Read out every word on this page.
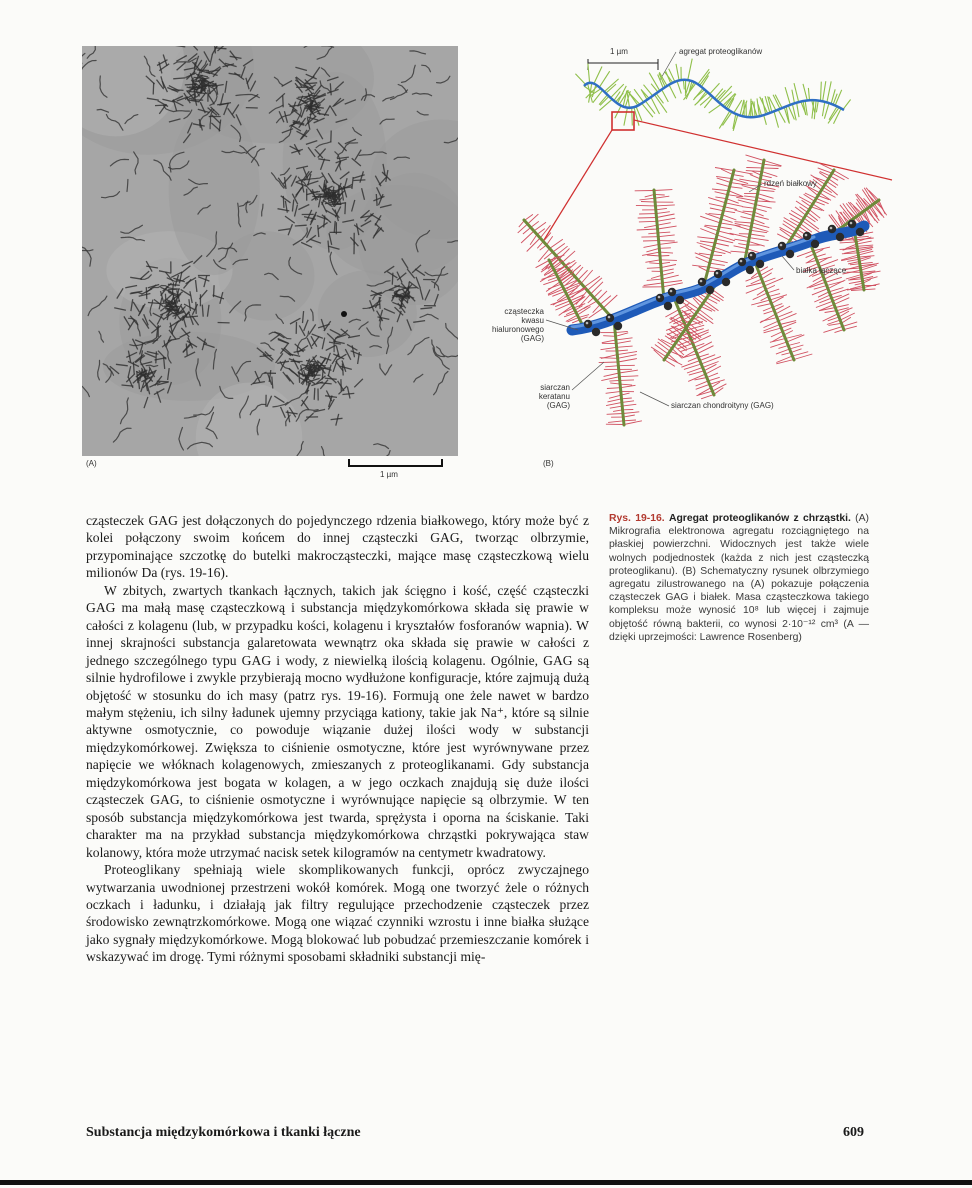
(A)
1 µm
(B)
1 µm	agregat proteoglikanów
rdzeń białkowy
białka łączące
cząsteczka
kwasu
hialuronowego
(GAG)
siarczan
keratanu
(GAG)	siarczan chondroityny (GAG)

cząsteczek GAG jest dołączonych do pojedynczego rdzenia białkowego, który może być z kolei połączony swoim końcem do innej cząsteczki GAG, tworząc olbrzymie, przypominające szczotkę do butelki makrocząsteczki, mające masę cząsteczkową wielu milionów Da (rys. 19-16).

W zbitych, zwartych tkankach łącznych, takich jak ścięgno i kość, część cząsteczki GAG ma małą masę cząsteczkową i substancja międzykomórkowa składa się prawie w całości z kolagenu (lub, w przypadku kości, kolagenu i kryształów fosforanów wapnia). W innej skrajności substancja galaretowata wewnątrz oka składa się prawie w całości z jednego szczególnego typu GAG i wody, z niewielką ilością kolagenu. Ogólnie, GAG są silnie hydrofilowe i zwykle przybierają mocno wydłużone konfiguracje, które zajmują dużą objętość w stosunku do ich masy (patrz rys. 19-16). Formują one żele nawet w bardzo małym stężeniu, ich silny ładunek ujemny przyciąga kationy, takie jak Na⁺, które są silnie aktywne osmotycznie, co powoduje wiązanie dużej ilości wody w substancji międzykomórkowej. Zwiększa to ciśnienie osmotyczne, które jest wyrównywane przez napięcie we włóknach kolagenowych, zmieszanych z proteoglikanami. Gdy substancja międzykomórkowa jest bogata w kolagen, a w jego oczkach znajdują się duże ilości cząsteczek GAG, to ciśnienie osmotyczne i wyrównujące napięcie są olbrzymie. W ten sposób substancja międzykomórkowa jest twarda, sprężysta i oporna na ściskanie. Taki charakter ma na przykład substancja międzykomórkowa chrząstki pokrywająca staw kolanowy, która może utrzymać nacisk setek kilogramów na centymetr kwadratowy.

Proteoglikany spełniają wiele skomplikowanych funkcji, oprócz zwyczajnego wytwarzania uwodnionej przestrzeni wokół komórek. Mogą one tworzyć żele o różnych oczkach i ładunku, i działają jak filtry regulujące przechodzenie cząsteczek przez środowisko zewnątrzkomórkowe. Mogą one wiązać czynniki wzrostu i inne białka służące jako sygnały międzykomórkowe. Mogą blokować lub pobudzać przemieszczanie komórek i wskazywać im drogę. Tymi różnymi sposobami składniki substancji mię-

Rys. 19-16. Agregat proteoglikanów z chrząstki. (A) Mikrografia elektronowa agregatu rozciągniętego na płaskiej powierzchni. Widocznych jest także wiele wolnych podjednostek (każda z nich jest cząsteczką proteoglikanu). (B) Schematyczny rysunek olbrzymiego agregatu zilustrowanego na (A) pokazuje połączenia cząsteczek GAG i białek. Masa cząsteczkowa takiego kompleksu może wynosić 10⁸ lub więcej i zajmuje objętość równą bakterii, co wynosi 2·10⁻¹² cm³ (A — dzięki uprzejmości: Lawrence Rosenberg)
Substancja międzykomórkowa i tkanki łączne	609
